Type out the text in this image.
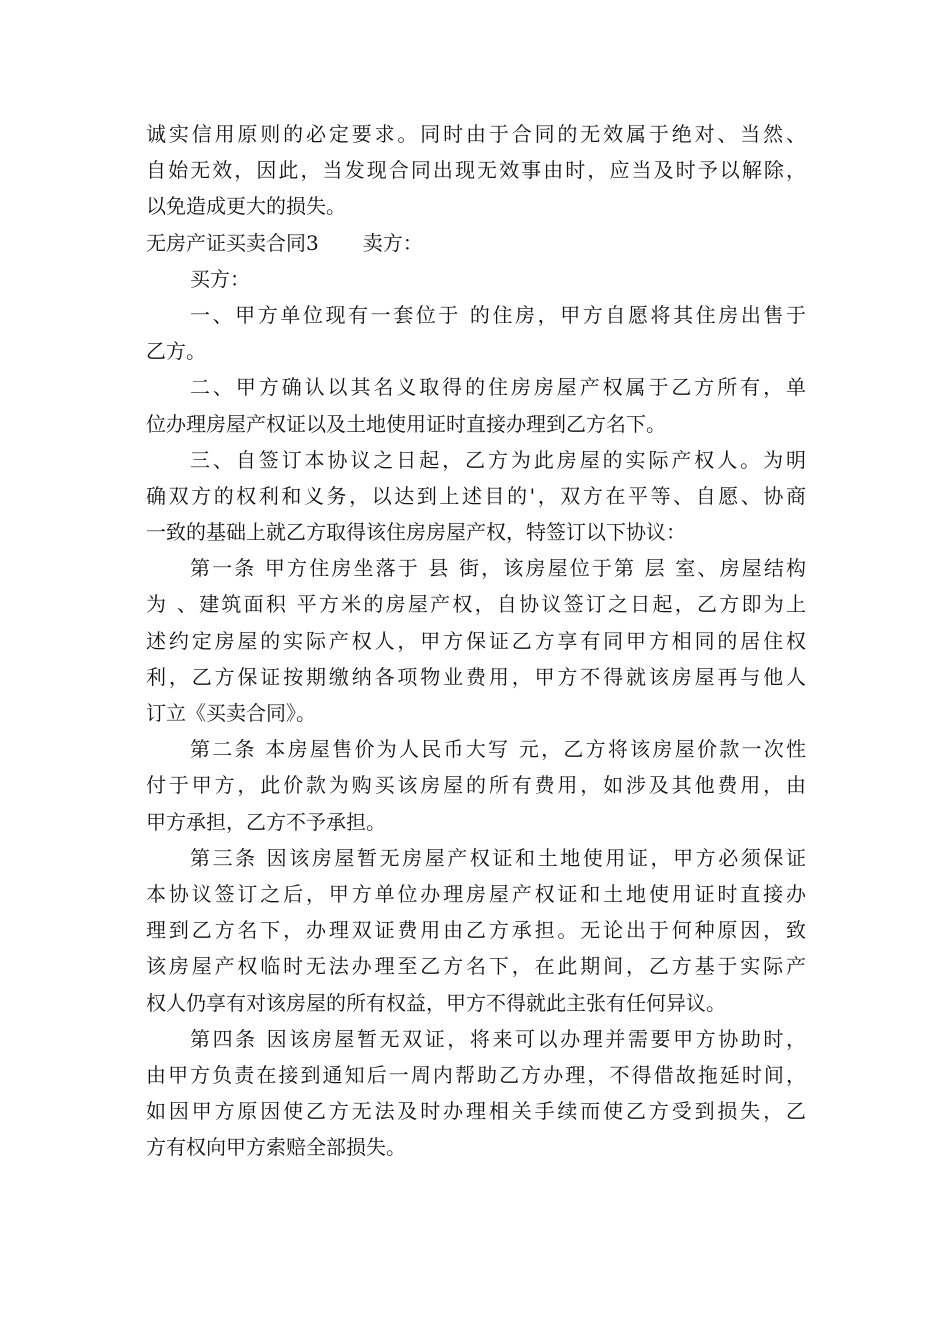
诚实信用原则的必定要求。同时由于合同的无效属于绝对、当然、
自始无效，因此，当发现合同出现无效事由时，应当及时予以解除，
以免造成更大的损失。
无房产证买卖合同3 卖方：
买方：
一、甲方单位现有一套位于 的住房，甲方自愿将其住房出售于
乙方。
二、甲方确认以其名义取得的住房房屋产权属于乙方所有，单
位办理房屋产权证以及土地使用证时直接办理到乙方名下。
三、自签订本协议之日起，乙方为此房屋的实际产权人。为明
确双方的权利和义务，以达到上述目的'，双方在平等、自愿、协商
一致的基础上就乙方取得该住房房屋产权，特签订以下协议：
第一条 甲方住房坐落于 县 街，该房屋位于第 层 室、房屋结构
为 、建筑面积 平方米的房屋产权，自协议签订之日起，乙方即为上
述约定房屋的实际产权人，甲方保证乙方享有同甲方相同的居住权
利，乙方保证按期缴纳各项物业费用，甲方不得就该房屋再与他人
订立《买卖合同》。
第二条 本房屋售价为人民币大写 元，乙方将该房屋价款一次性
付于甲方，此价款为购买该房屋的所有费用，如涉及其他费用，由
甲方承担，乙方不予承担。
第三条 因该房屋暂无房屋产权证和土地使用证，甲方必须保证
本协议签订之后，甲方单位办理房屋产权证和土地使用证时直接办
理到乙方名下，办理双证费用由乙方承担。无论出于何种原因，致
该房屋产权临时无法办理至乙方名下，在此期间，乙方基于实际产
权人仍享有对该房屋的所有权益，甲方不得就此主张有任何异议。
第四条 因该房屋暂无双证，将来可以办理并需要甲方协助时，
由甲方负责在接到通知后一周内帮助乙方办理，不得借故拖延时间，
如因甲方原因使乙方无法及时办理相关手续而使乙方受到损失，乙
方有权向甲方索赔全部损失。
